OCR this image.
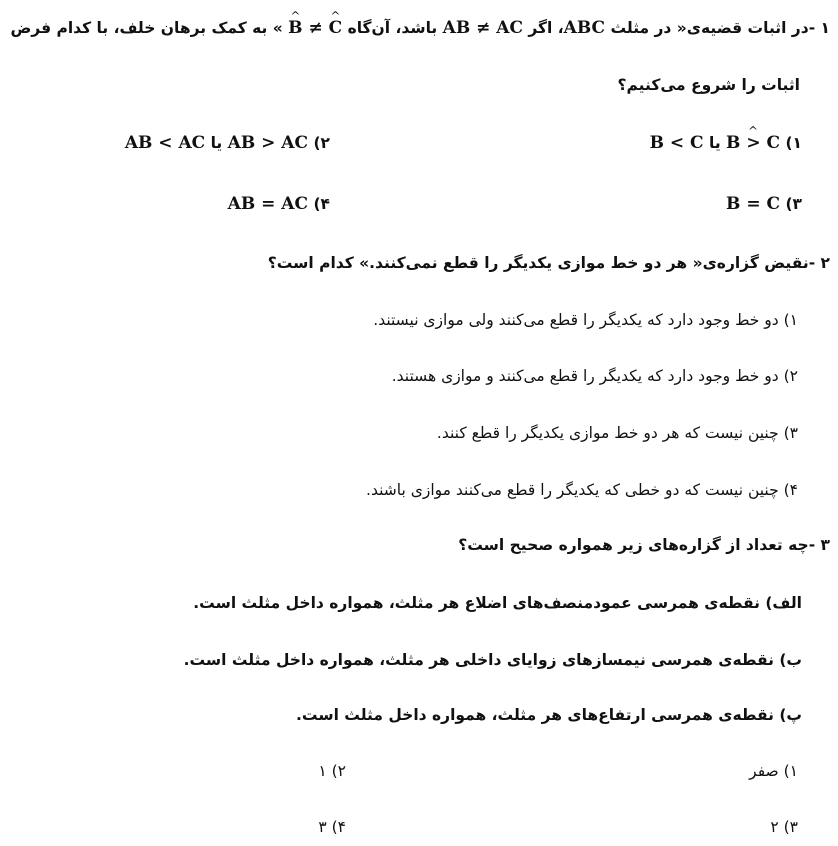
۱ -در اثبات قضیه‌ی« در مثلث ABC، اگر AB ≠ AC باشد، آن‌گاه ^ B ≠ ^ C » به کمک برهان خلف، با کدام فرض
اثبات را شروع می‌کنیم؟
۱) ^ B > C یا B < C
۲) AB > AC یا AB < AC
۳) B = C
۴) AB = AC
۲ -نقیض گزاره‌ی« هر دو خط موازی یکدیگر را قطع نمی‌کنند.» کدام است؟
۱) دو خط وجود دارد که یکدیگر را قطع می‌کنند ولی موازی نیستند.
۲) دو خط وجود دارد که یکدیگر را قطع می‌کنند و موازی هستند.
۳) چنین نیست که هر دو خط موازی یکدیگر را قطع کنند.
۴) چنین نیست که دو خطی که یکدیگر را قطع می‌کنند موازی باشند.
۳ -چه تعداد از گزاره‌های زیر همواره صحیح است؟
الف) نقطه‌ی همرسی عمودمنصف‌های اضلاع هر مثلث، همواره داخل مثلث است.
ب) نقطه‌ی همرسی نیمسازهای زوایای داخلی هر مثلث، همواره داخل مثلث است.
پ) نقطه‌ی همرسی ارتفاع‌های هر مثلث، همواره داخل مثلث است.
۱) صفر
۲) ۱
۳) ۲
۴) ۳
